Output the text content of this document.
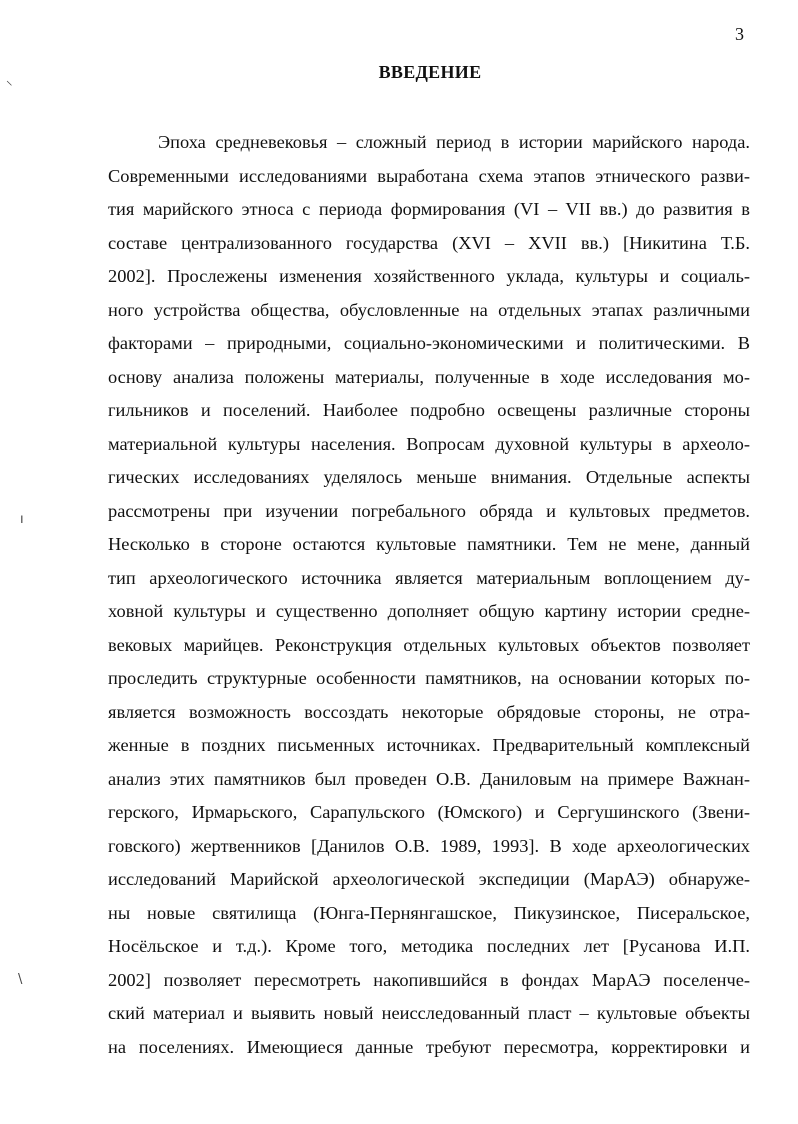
3
ВВЕДЕНИЕ
Эпоха средневековья – сложный период в истории марийского народа.
Современными исследованиями выработана схема этапов этнического разви-
тия марийского этноса с периода формирования (VI – VII вв.) до развития в
составе централизованного государства (XVI – XVII вв.) [Никитина Т.Б.
2002]. Прослежены изменения хозяйственного уклада, культуры и социаль-
ного устройства общества, обусловленные на отдельных этапах различными
факторами – природными, социально-экономическими и политическими. В
основу анализа положены материалы, полученные в ходе исследования мо-
гильников и поселений. Наиболее подробно освещены различные стороны
материальной культуры населения. Вопросам духовной культуры в археоло-
гических исследованиях уделялось меньше внимания. Отдельные аспекты
рассмотрены при изучении погребального обряда и культовых предметов.
Несколько в стороне остаются культовые памятники. Тем не мене, данный
тип археологического источника является материальным воплощением ду-
ховной культуры и существенно дополняет общую картину истории средне-
вековых марийцев. Реконструкция отдельных культовых объектов позволяет
проследить структурные особенности памятников, на основании которых по-
является возможность воссоздать некоторые обрядовые стороны, не отра-
женные в поздних письменных источниках. Предварительный комплексный
анализ этих памятников был проведен О.В. Даниловым на примере Важнан-
герского, Ирмарьского, Сарапульского (Юмского) и Сергушинского (Звени-
говского) жертвенников [Данилов О.В. 1989, 1993]. В ходе археологических
исследований Марийской археологической экспедиции (МарАЭ) обнаруже-
ны новые святилища (Юнга-Пернянгашское, Пикузинское, Писеральское,
Носёльское и т.д.). Кроме того, методика последних лет [Русанова И.П.
2002] позволяет пересмотреть накопившийся в фондах МарАЭ поселенче-
ский материал и выявить новый неисследованный пласт – культовые объекты
на поселениях. Имеющиеся данные требуют пересмотра, корректировки и
⸌
ı
\
